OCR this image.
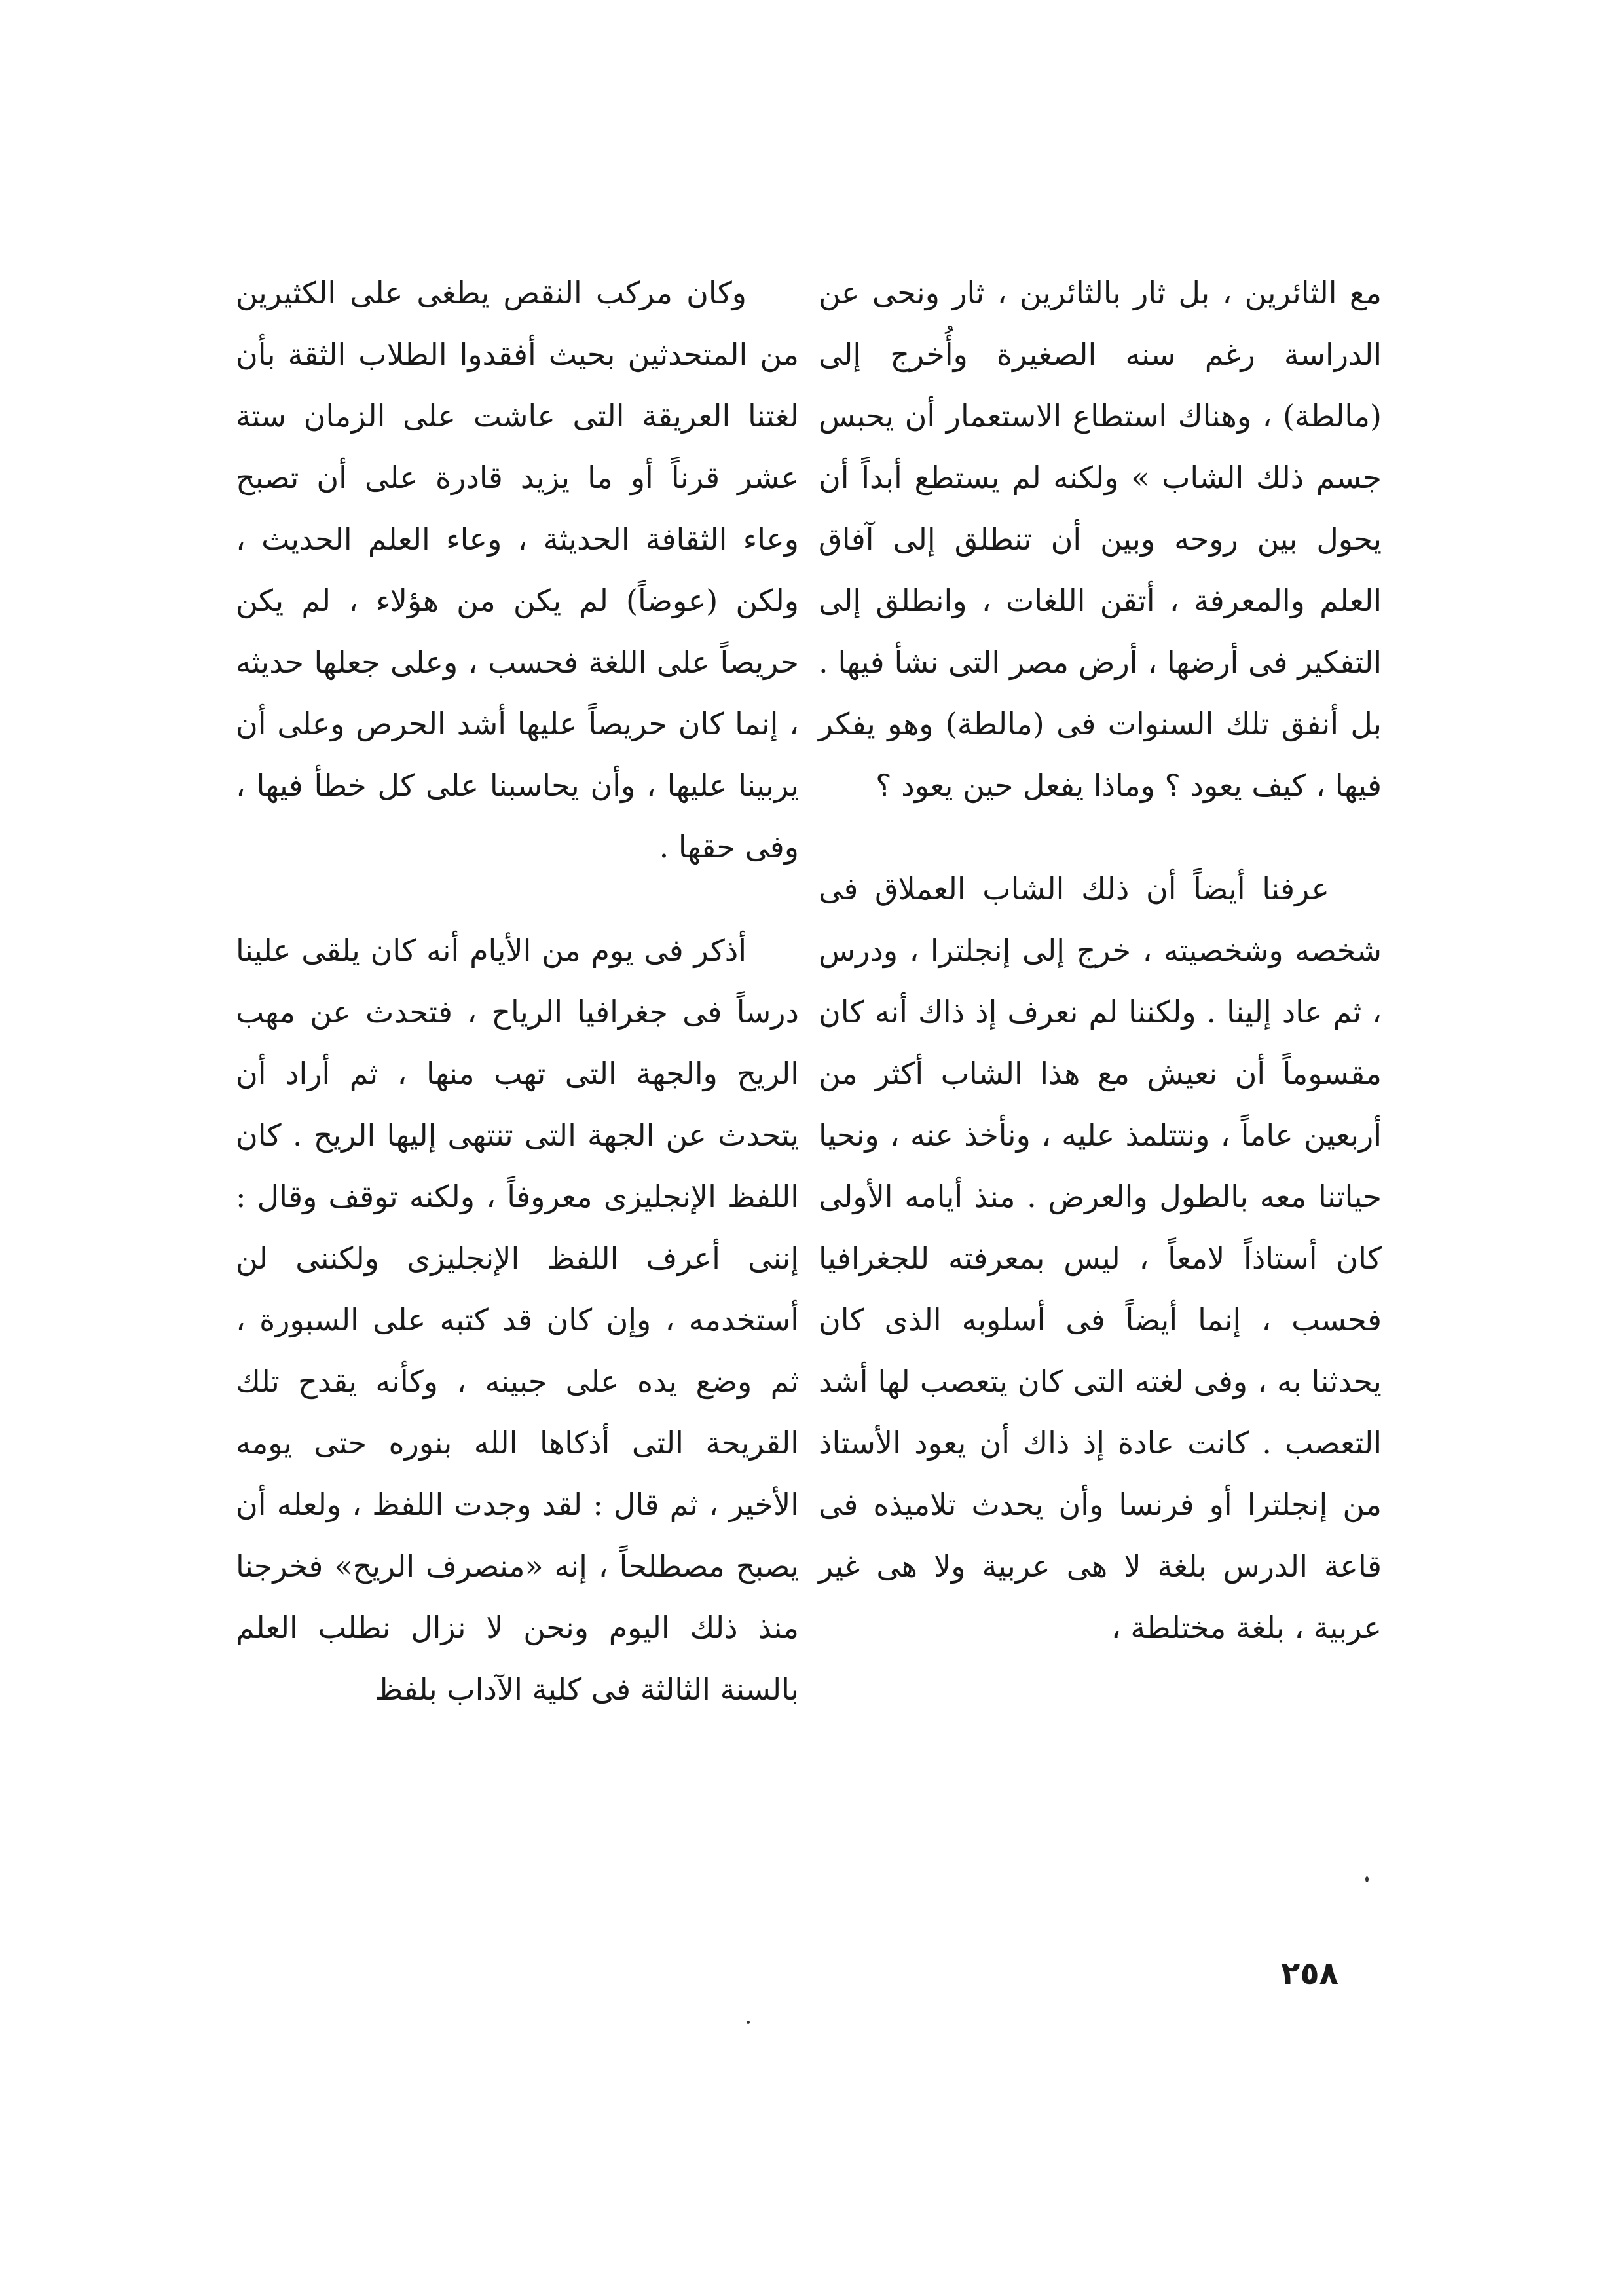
مع الثائرين ، بل ثار بالثائرين ، ثار ونحى عن الدراسة رغم سنه الصغيرة وأُخرج إلى (مالطة) ، وهناك استطاع الاستعمار أن يحبس جسم ذلك الشاب » ولكنه لم يستطع أبداً أن يحول بين روحه وبين أن تنطلق إلى آفاق العلم والمعرفة ، أتقن اللغات ، وانطلق إلى التفكير فى أرضها ، أرض مصر التى نشأ فيها . بل أنفق تلك السنوات فى (مالطة) وهو يفكر فيها ، كيف يعود ؟ وماذا يفعل حين يعود ؟

عرفنا أيضاً أن ذلك الشاب العملاق فى شخصه وشخصيته ، خرج إلى إنجلترا ، ودرس ، ثم عاد إلينا . ولكننا لم نعرف إذ ذاك أنه كان مقسوماً أن نعيش مع هذا الشاب أكثر من أربعين عاماً ، ونتتلمذ عليه ، ونأخذ عنه ، ونحيا حياتنا معه بالطول والعرض . منذ أيامه الأولى كان أستاذاً لامعاً ، ليس بمعرفته للجغرافيا فحسب ، إنما أيضاً فى أسلوبه الذى كان يحدثنا به ، وفى لغته التى كان يتعصب لها أشد التعصب . كانت عادة إذ ذاك أن يعود الأستاذ من إنجلترا أو فرنسا وأن يحدث تلاميذه فى قاعة الدرس بلغة لا هى عربية ولا هى غير عربية ، بلغة مختلطة ،

وكان مركب النقص يطغى على الكثيرين من المتحدثين بحيث أفقدوا الطلاب الثقة بأن لغتنا العريقة التى عاشت على الزمان ستة عشر قرناً أو ما يزيد قادرة على أن تصبح وعاء الثقافة الحديثة ، وعاء العلم الحديث ، ولكن (عوضاً) لم يكن من هؤلاء ، لم يكن حريصاً على اللغة فحسب ، وعلى جعلها حديثه ، إنما كان حريصاً عليها أشد الحرص وعلى أن يربينا عليها ، وأن يحاسبنا على كل خطأ فيها ، وفى حقها .

أذكر فى يوم من الأيام أنه كان يلقى علينا درساً فى جغرافيا الرياح ، فتحدث عن مهب الريح والجهة التى تهب منها ، ثم أراد أن يتحدث عن الجهة التى تنتهى إليها الريح . كان اللفظ الإنجليزى معروفاً ، ولكنه توقف وقال : إننى أعرف اللفظ الإنجليزى ولكننى لن أستخدمه ، وإن كان قد كتبه على السبورة ، ثم وضع يده على جبينه ، وكأنه يقدح تلك القريحة التى أذكاها الله بنوره حتى يومه الأخير ، ثم قال : لقد وجدت اللفظ ، ولعله أن يصبح مصطلحاً ، إنه «منصرف الريح» فخرجنا منذ ذلك اليوم ونحن لا نزال نطلب العلم بالسنة الثالثة فى كلية الآداب بلفظ

٢٥٨
